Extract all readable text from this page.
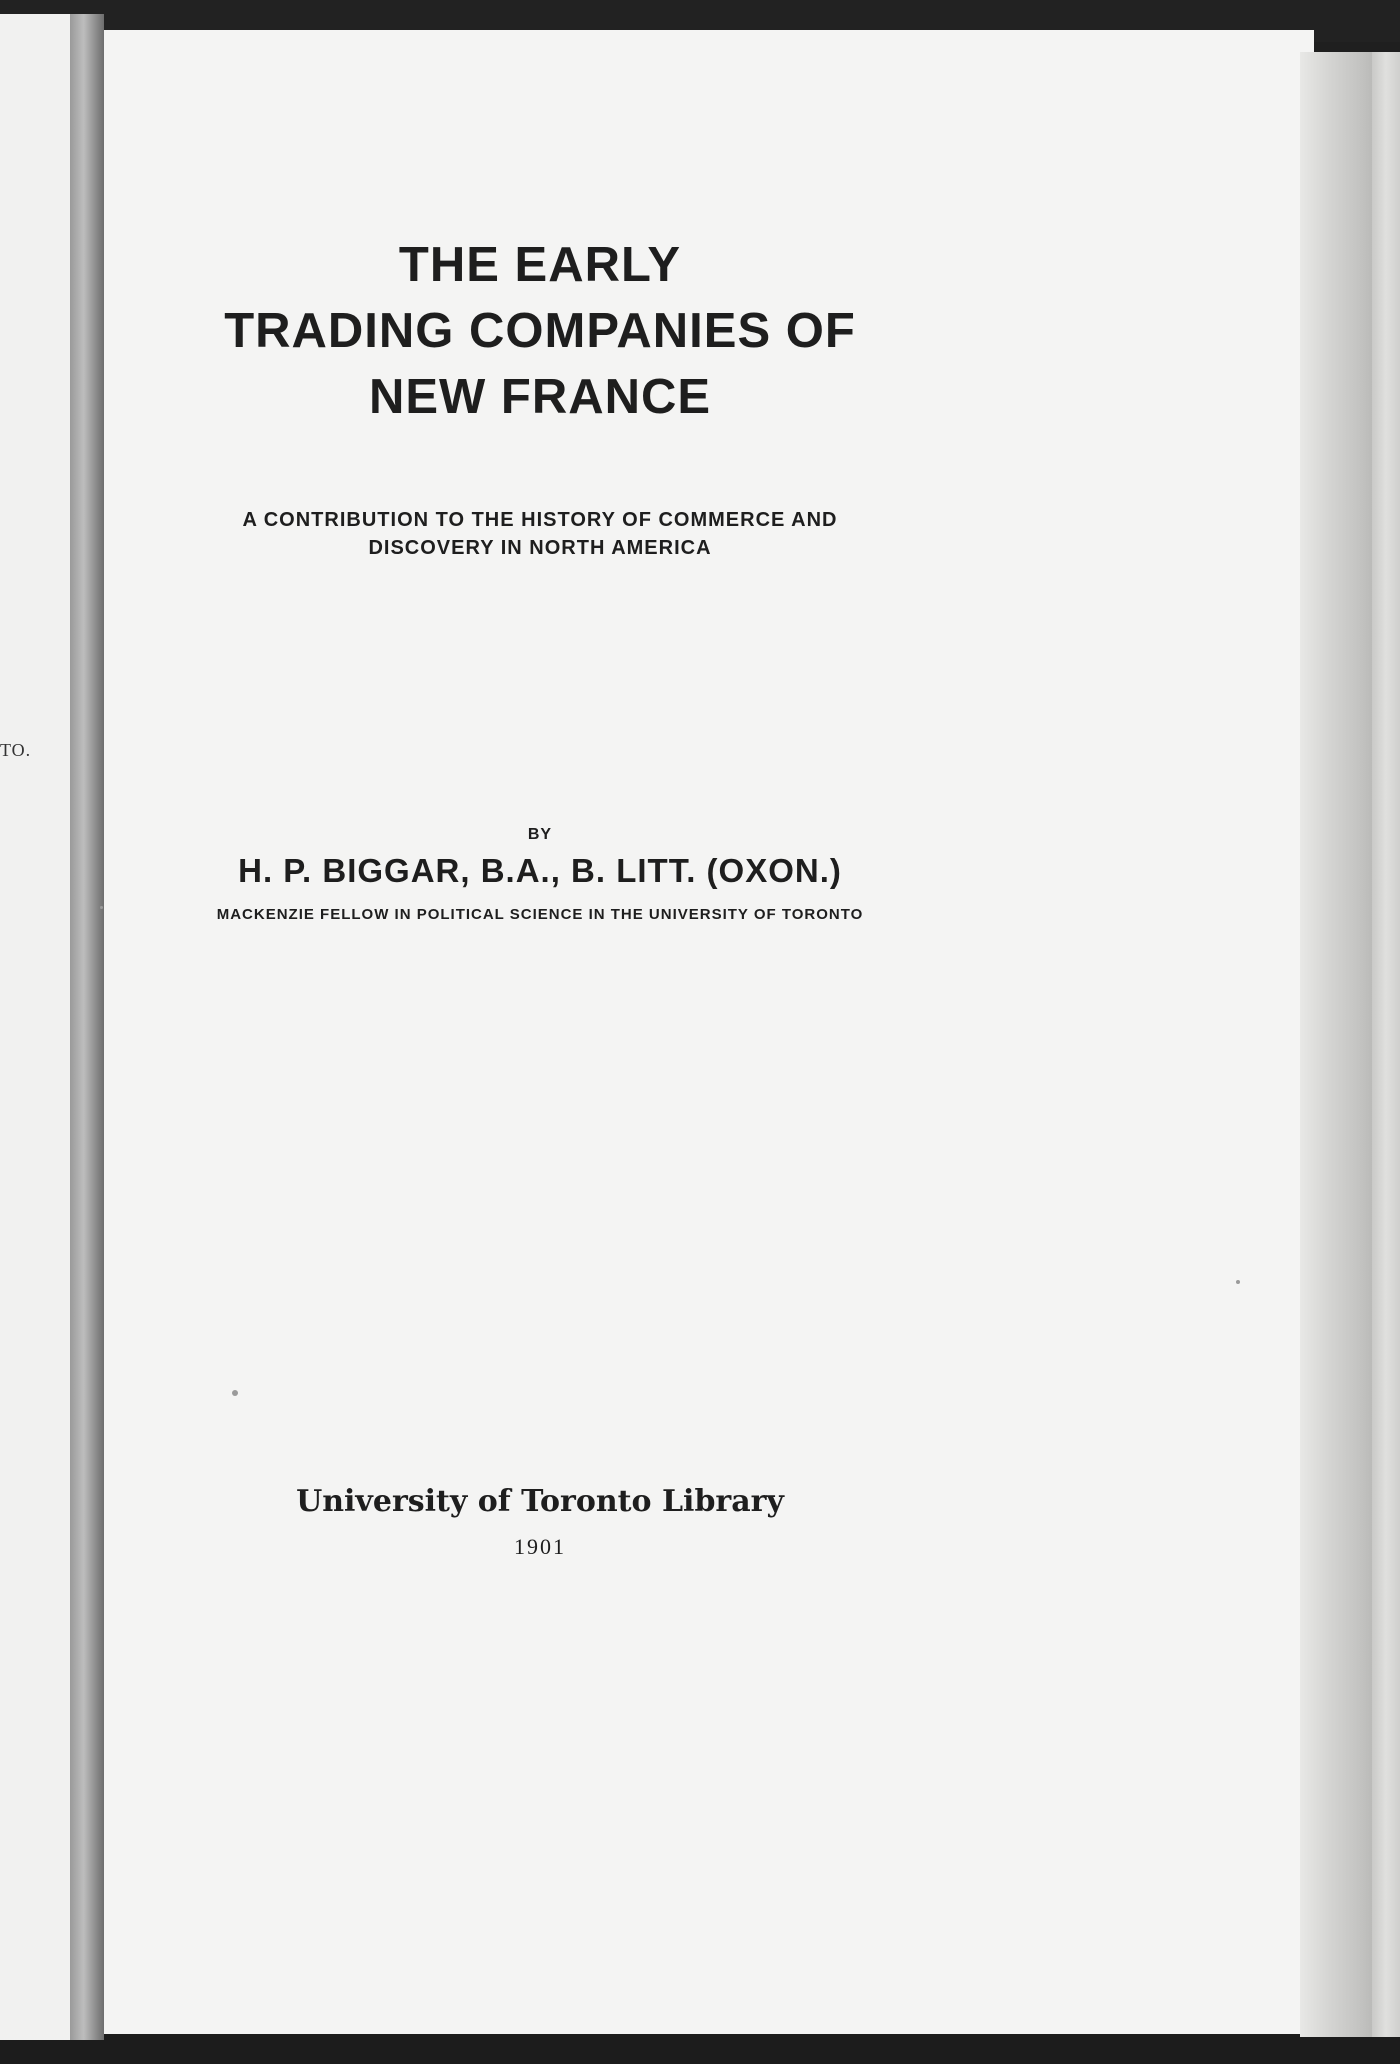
TO.
THE EARLY
TRADING COMPANIES OF
NEW FRANCE
A CONTRIBUTION TO THE HISTORY OF COMMERCE AND
DISCOVERY IN NORTH AMERICA
BY
H. P. BIGGAR, B.A., B. LITT. (OXON.)
MACKENZIE FELLOW IN POLITICAL SCIENCE IN THE UNIVERSITY OF TORONTO
University of Toronto Library
1901
